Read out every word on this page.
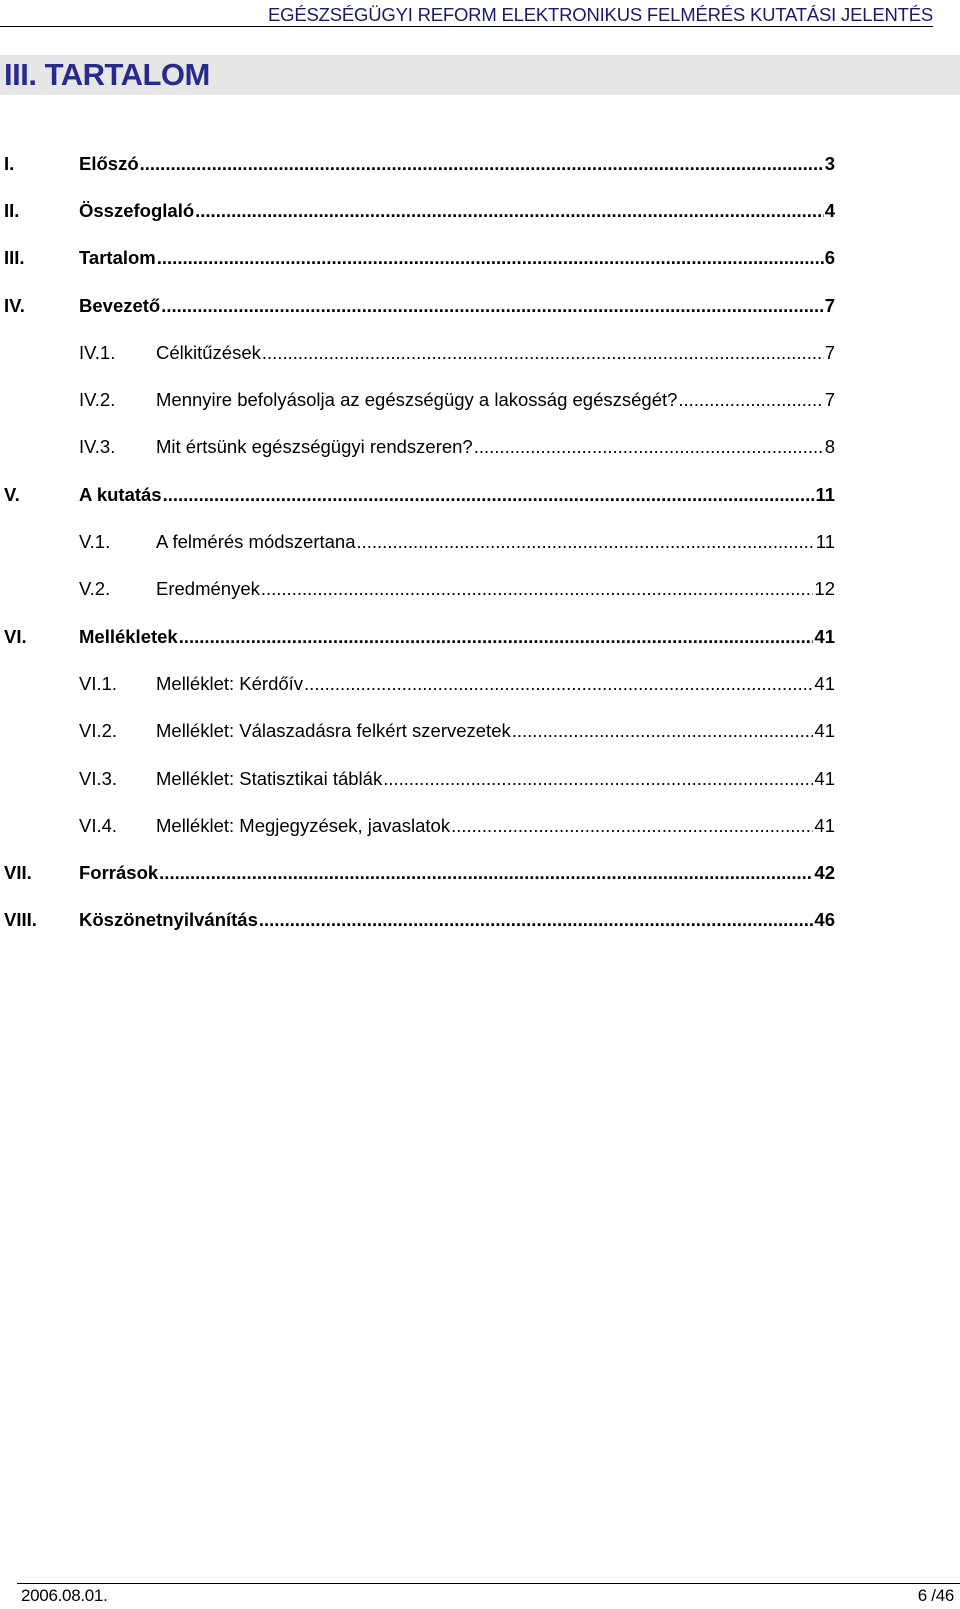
EGÉSZSÉGÜGYI REFORM ELEKTRONIKUS FELMÉRÉS KUTATÁSI JELENTÉS
III. TARTALOM
I.	Előszó .....	3
II.	Összefoglaló .....	4
III.	Tartalom .....	6
IV.	Bevezető .....	7
IV.1. Célkitűzések .....	7
IV.2. Mennyire befolyásolja az egészségügy a lakosság egészségét? .....	7
IV.3. Mit értsünk egészségügyi rendszeren? .....	8
V.	A kutatás .....	11
V.1. A felmérés módszertana .....	11
V.2. Eredmények .....	12
VI.	Mellékletek .....	41
VI.1. Melléklet: Kérdőív .....	41
VI.2. Melléklet: Válaszadásra felkért szervezetek .....	41
VI.3. Melléklet: Statisztikai táblák .....	41
VI.4. Melléklet: Megjegyzések, javaslatok .....	41
VII.	Források .....	42
VIII. Köszönetnyilvánítás .....	46
2006.08.01.	6 /46
